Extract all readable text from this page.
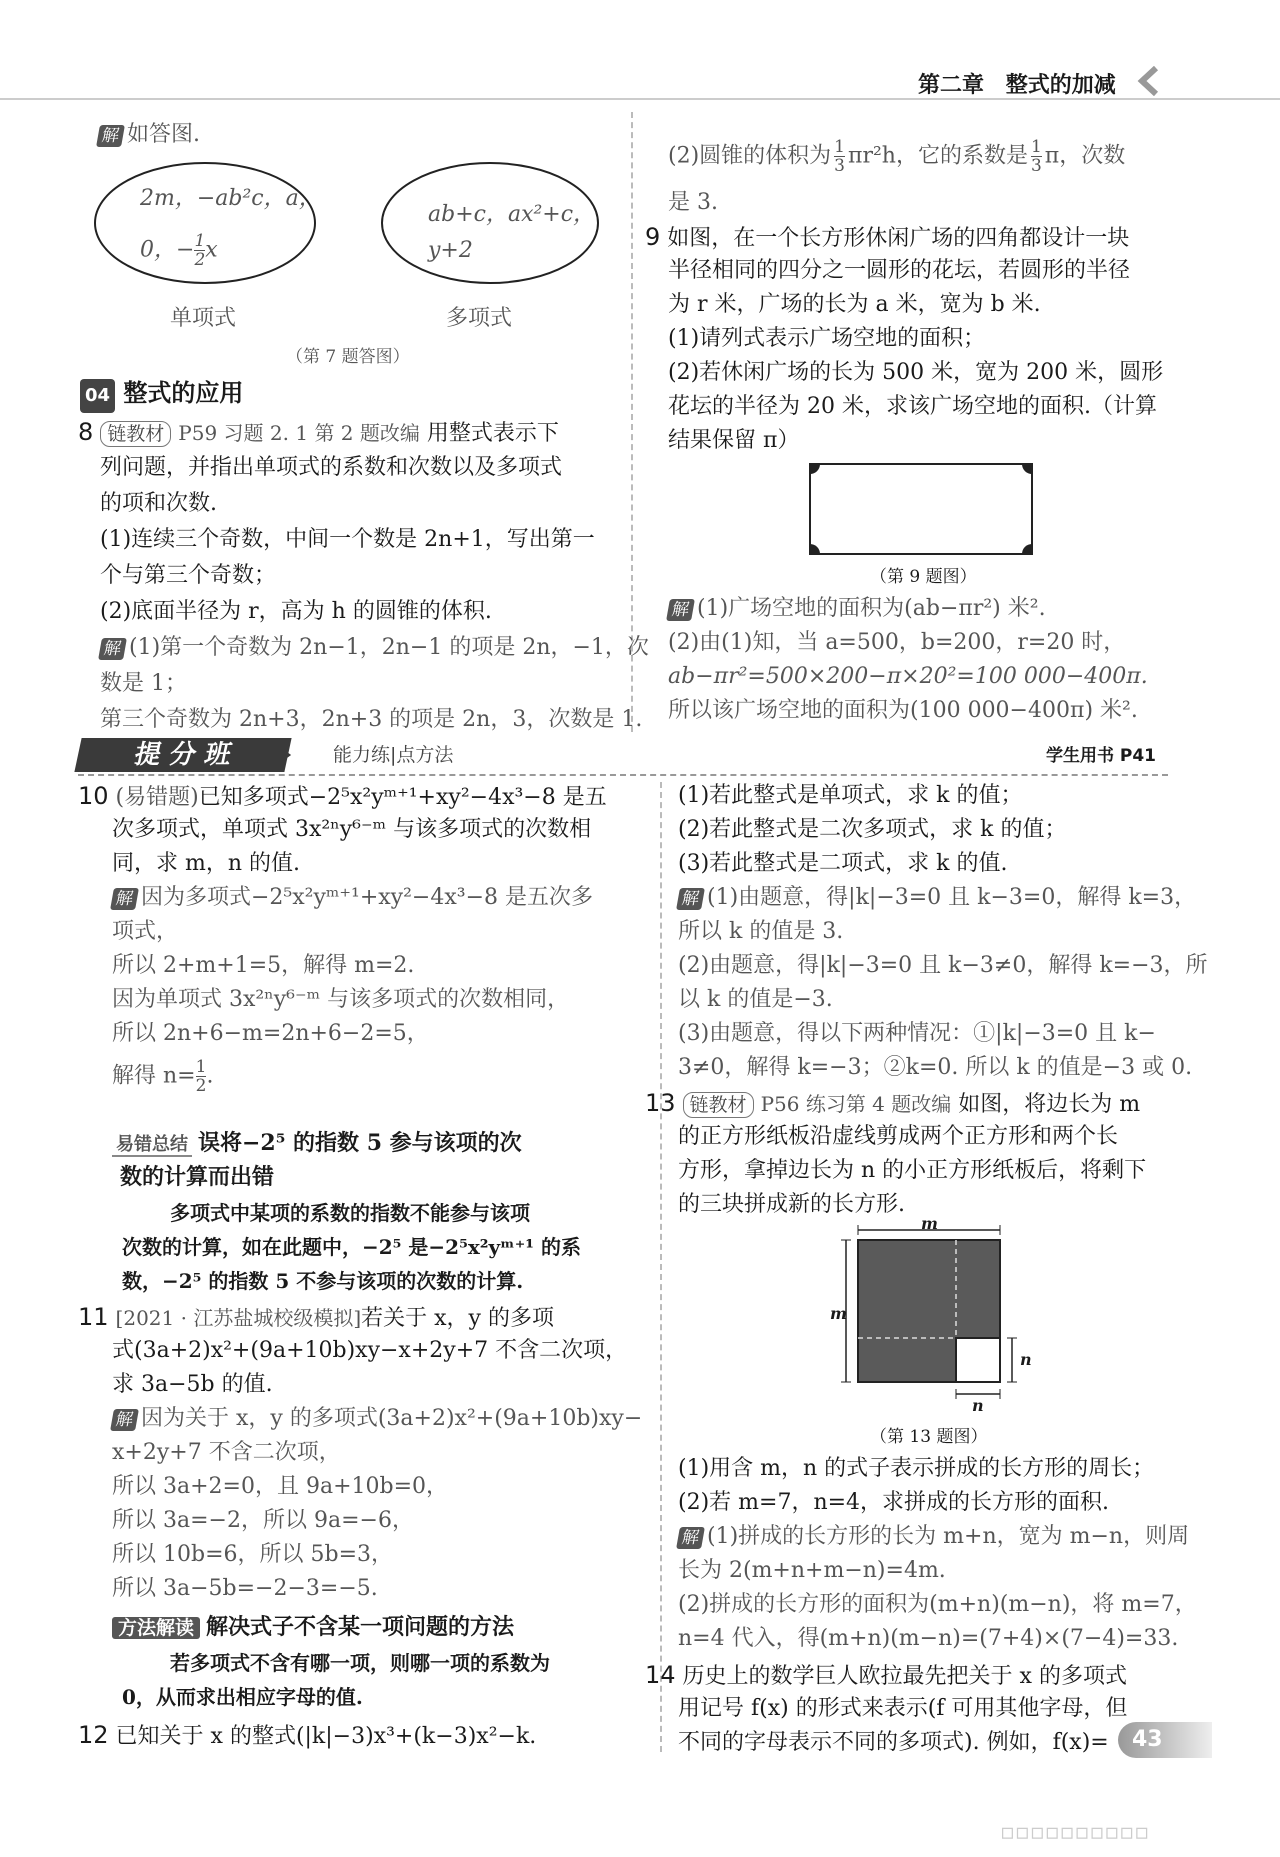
第二章 整式的加减
解 如答图.
2m，−ab²c，a，
0，− $\frac{1}{2}$ x
ab+c，ax²+c，
y+2
单项式	多项式
（第 7 题答图）
04 整式的应用
8 链教材 P59 习题 2. 1 第 2 题改编 用整式表示下
列问题，并指出单项式的系数和次数以及多项式
的项和次数.
(1)连续三个奇数，中间一个数是 2n+1，写出第一
个与第三个奇数；
(2)底面半径为 r，高为 h 的圆锥的体积.
解 (1)第一个奇数为 2n−1，2n−1 的项是 2n，−1，次
数是 1；
第三个奇数为 2n+3，2n+3 的项是 2n，3，次数是 1.
(2)圆锥的体积为 $\frac{1}{3} \pi r^2h$，它的系数是 $\frac{1}{3}$ π，次数
是 3.
9 如图，在一个长方形休闲广场的四角都设计一块
半径相同的四分之一圆形的花坛，若圆形的半径
为 r 米，广场的长为 a 米，宽为 b 米.
(1)请列式表示广场空地的面积；
(2)若休闲广场的长为 500 米，宽为 200 米，圆形
花坛的半径为 20 米，求该广场空地的面积.（计算
结果保留 π）
（第 9 题图）
解 (1)广场空地的面积为(ab−πr²) 米².
(2)由(1)知，当 a=500，b=200，r=20 时，
ab−πr²=500×200−π×20²=100 000−400π.
所以该广场空地的面积为(100 000−400π) 米².
提 分 班	能力练|点方法	学生用书 P41
10 (易错题)已知多项式−2⁵x²yᵐ⁺¹+xy²−4x³−8 是五
次多项式，单项式 3x²ⁿy⁶⁻ᵐ 与该多项式的次数相
同，求 m，n 的值.
解 因为多项式−2⁵x²yᵐ⁺¹+xy²−4x³−8 是五次多
项式，
所以 2+m+1=5，解得 m=2.
因为单项式 3x²ⁿy⁶⁻ᵐ 与该多项式的次数相同，
所以 2n+6−m=2n+6−2=5，
解得 $n= \frac{1}{2}$ .
易错总结 误将−2⁵ 的指数 5 参与该项的次
数的计算而出错
多项式中某项的系数的指数不能参与该项
次数的计算，如在此题中，−2⁵ 是−2⁵x²yᵐ⁺¹ 的系
数，−2⁵ 的指数 5 不参与该项的次数的计算.
11 [2021 · 江苏盐城校级模拟]若关于 x，y 的多项
式(3a+2)x²+(9a+10b)xy−x+2y+7 不含二次项，
求 3a−5b 的值.
解 因为关于 x，y 的多项式(3a+2)x²+(9a+10b)xy−
x+2y+7 不含二次项，
所以 3a+2=0，且 9a+10b=0，
所以 3a=−2，所以 9a=−6，
所以 10b=6，所以 5b=3，
所以 3a−5b=−2−3=−5.
方法解读 解决式子不含某一项问题的方法
若多项式不含有哪一项，则哪一项的系数为
0，从而求出相应字母的值.
12 已知关于 x 的整式(|k|−3)x³+(k−3)x²−k.
(1)若此整式是单项式，求 k 的值；
(2)若此整式是二次多项式，求 k 的值；
(3)若此整式是二项式，求 k 的值.
解 (1)由题意，得|k|−3=0 且 k−3=0，解得 k=3，
所以 k 的值是 3.
(2)由题意，得|k|−3=0 且 k−3≠0，解得 k=−3，所
以 k 的值是−3.
(3)由题意，得以下两种情况：①|k|−3=0 且 k−
3≠0，解得 k=−3；②k=0. 所以 k 的值是−3 或 0.
13 链教材 P56 练习第 4 题改编 如图，将边长为 m
的正方形纸板沿虚线剪成两个正方形和两个长
方形，拿掉边长为 n 的小正方形纸板后，将剩下
的三块拼成新的长方形.
m
m
n
n
（第 13 题图）
(1)用含 m，n 的式子表示拼成的长方形的周长；
(2)若 m=7，n=4，求拼成的长方形的面积.
解 (1)拼成的长方形的长为 m+n，宽为 m−n，则周
长为 2(m+n+m−n)=4m.
(2)拼成的长方形的面积为(m+n)(m−n)，将 m=7，
n=4 代入，得(m+n)(m−n)=(7+4)×(7−4)=33.
14 历史上的数学巨人欧拉最先把关于 x 的多项式
用记号 f(x) 的形式来表示(f 可用其他字母，但
不同的字母表示不同的多项式). 例如，f(x)=	43
▫▫▫▫▫▫▫▫▫▫
